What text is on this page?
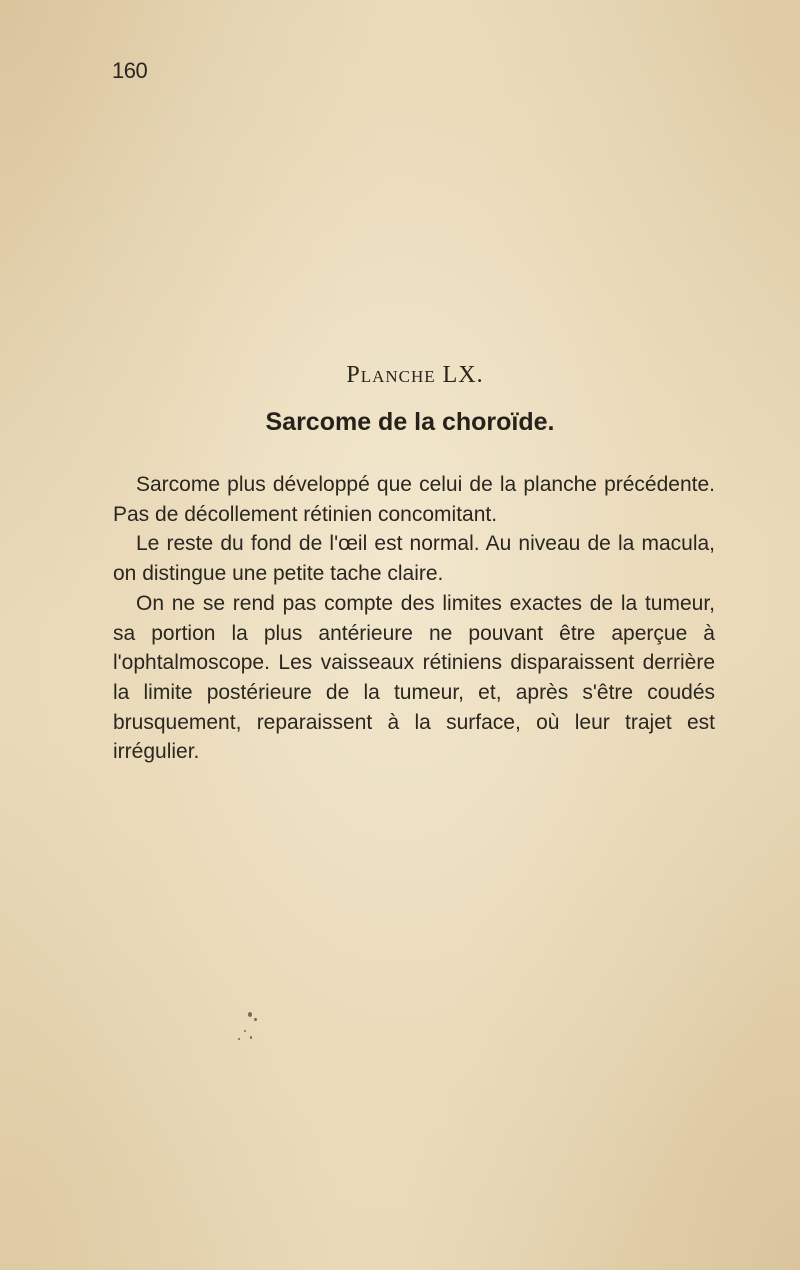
160
Planche LX.
Sarcome de la choroïde.

Sarcome plus développé que celui de la planche précédente. Pas de décollement rétinien concomitant.

Le reste du fond de l'œil est normal. Au niveau de la macula, on distingue une petite tache claire.

On ne se rend pas compte des limites exactes de la tumeur, sa portion la plus antérieure ne pouvant être aperçue à l'ophtalmoscope. Les vaisseaux rétiniens disparaissent derrière la limite postérieure de la tumeur, et, après s'être coudés brusquement, reparaissent à la surface, où leur trajet est irrégulier.
